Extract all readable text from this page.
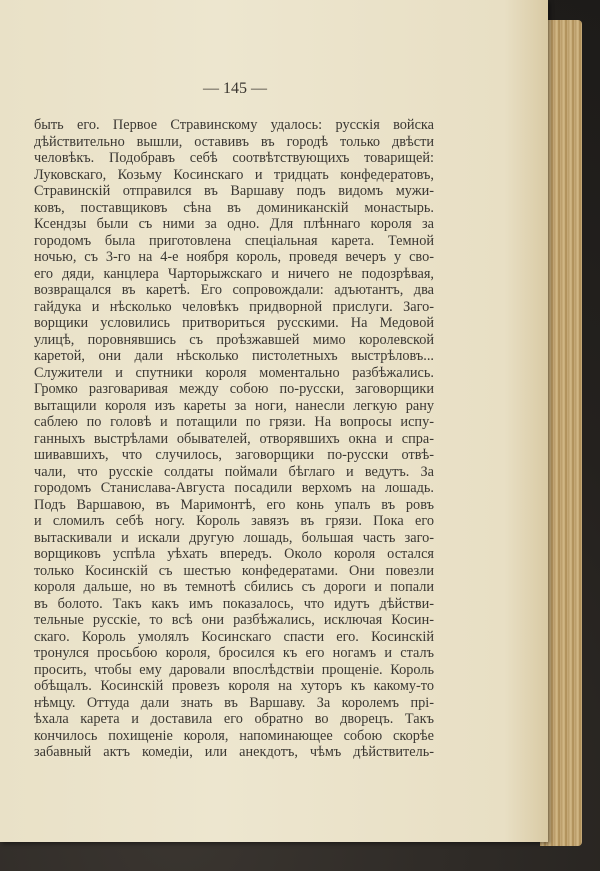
— 145 —
быть его. Первое Стравинскому удалось: русскія войска
дѣйствительно вышли, оставивъ въ городѣ только двѣсти
человѣкъ. Подобравъ себѣ соотвѣтствующихъ товарищей:
Луковскаго, Козьму Косинскаго и тридцать конфедератовъ,
Стравинскій отправился въ Варшаву подъ видомъ мужи-
ковъ, поставщиковъ сѣна въ доминиканскій монастырь.
Ксендзы были съ ними за одно. Для плѣннаго короля за
городомъ была приготовлена спеціальная карета. Темной
ночью, съ 3-го на 4-е ноября король, проведя вечеръ у сво-
его дяди, канцлера Чарторыжскаго и ничего не подозрѣвая,
возвращался въ каретѣ. Его сопровождали: адъютантъ, два
гайдука и нѣсколько человѣкъ придворной прислуги. Заго-
ворщики условились притвориться русскими. На Медовой
улицѣ, поровнявшись съ проѣзжавшей мимо королевской
каретой, они дали нѣсколько пистолетныхъ выстрѣловъ...
Служители и спутники короля моментально разбѣжались.
Громко разговаривая между собою по-русски, заговорщики
вытащили короля изъ кареты за ноги, нанесли легкую рану
саблею по головѣ и потащили по грязи. На вопросы испу-
ганныхъ выстрѣлами обывателей, отворявшихъ окна и спра-
шивавшихъ, что случилось, заговорщики по-русски отвѣ-
чали, что русскіе солдаты поймали бѣглаго и ведутъ. За
городомъ Станислава-Августа посадили верхомъ на лошадь.
Подъ Варшавою, въ Маримонтѣ, его конь упалъ въ ровъ
и сломилъ себѣ ногу. Король завязъ въ грязи. Пока его
вытаскивали и искали другую лошадь, большая часть заго-
ворщиковъ успѣла уѣхать впередъ. Около короля остался
только Косинскій съ шестью конфедератами. Они повезли
короля дальше, но въ темнотѣ сбились съ дороги и попали
въ болото. Такъ какъ имъ показалось, что идутъ дѣйстви-
тельные русскіе, то всѣ они разбѣжались, исключая Косин-
скаго. Король умолялъ Косинскаго спасти его. Косинскій
тронулся просьбою короля, бросился къ его ногамъ и сталъ
просить, чтобы ему даровали впослѣдствіи прощеніе. Король
обѣщалъ. Косинскій провезъ короля на хуторъ къ какому-то
нѣмцу. Оттуда дали знать въ Варшаву. За королемъ прі-
ѣхала карета и доставила его обратно во дворецъ. Такъ
кончилось похищеніе короля, напоминающее собою скорѣе
забавный актъ комедіи, или анекдотъ, чѣмъ дѣйствитель-
